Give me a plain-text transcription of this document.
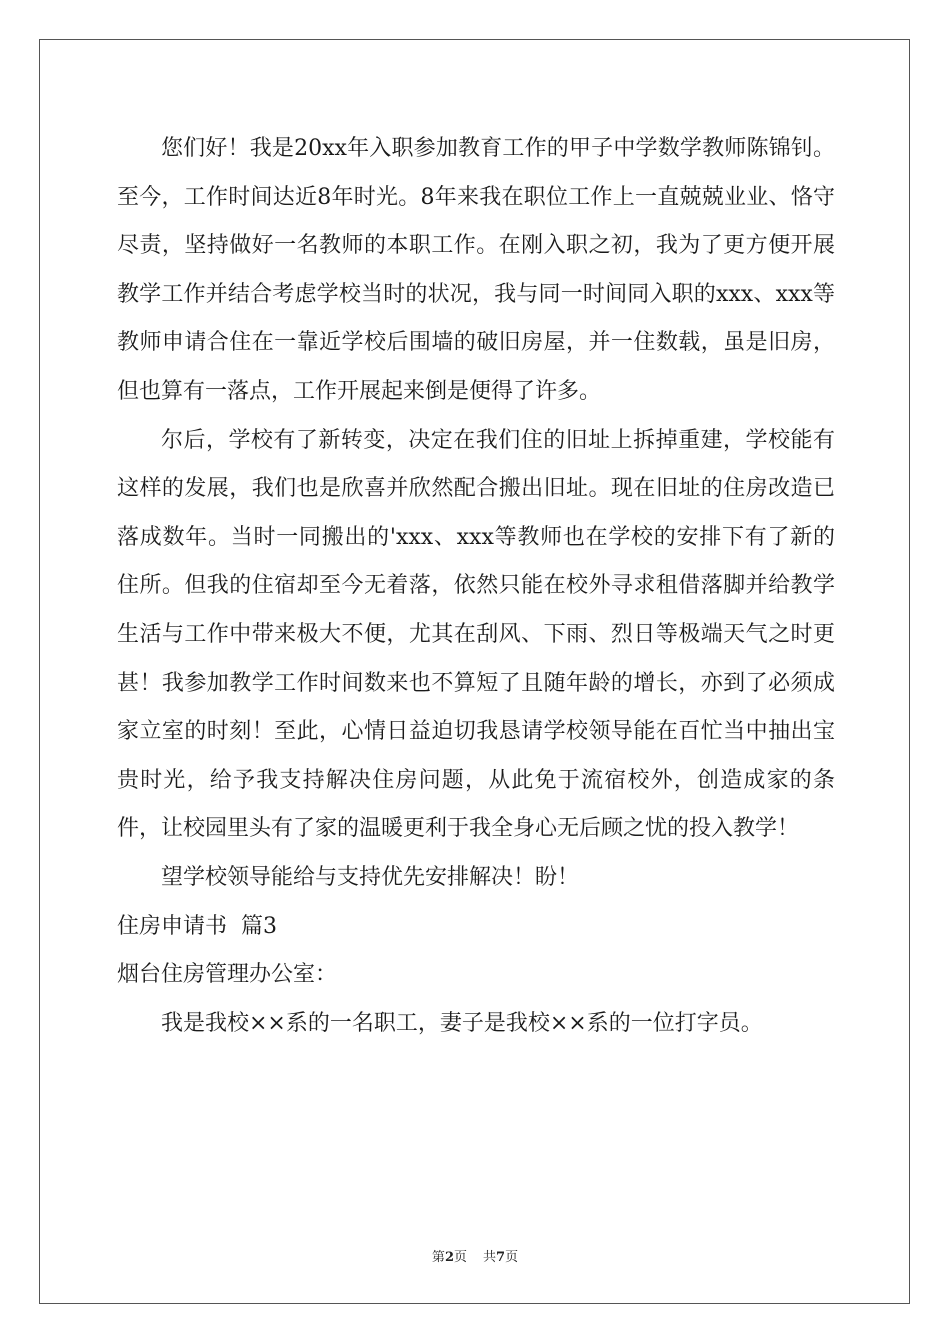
您们好！我是20xx年入职参加教育工作的甲子中学数学教师陈锦钊。至今，工作时间达近8年时光。8年来我在职位工作上一直兢兢业业、恪守尽责，坚持做好一名教师的本职工作。在刚入职之初，我为了更方便开展教学工作并结合考虑学校当时的状况，我与同一时间同入职的xxx、xxx等教师申请合住在一靠近学校后围墙的破旧房屋，并一住数载，虽是旧房，但也算有一落点，工作开展起来倒是便得了许多。

尔后，学校有了新转变，决定在我们住的旧址上拆掉重建，学校能有这样的发展，我们也是欣喜并欣然配合搬出旧址。现在旧址的住房改造已落成数年。当时一同搬出的'xxx、xxx等教师也在学校的安排下有了新的住所。但我的住宿却至今无着落，依然只能在校外寻求租借落脚并给教学生活与工作中带来极大不便，尤其在刮风、下雨、烈日等极端天气之时更甚！我参加教学工作时间数来也不算短了且随年龄的增长，亦到了必须成家立室的时刻！至此，心情日益迫切我恳请学校领导能在百忙当中抽出宝贵时光，给予我支持解决住房问题，从此免于流宿校外，创造成家的条件，让校园里头有了家的温暖更利于我全身心无后顾之忧的投入教学！

望学校领导能给与支持优先安排解决！盼！

住房申请书  篇3

烟台住房管理办公室：

我是我校××系的一名职工，妻子是我校××系的一位打字员。

第2页 共7页
